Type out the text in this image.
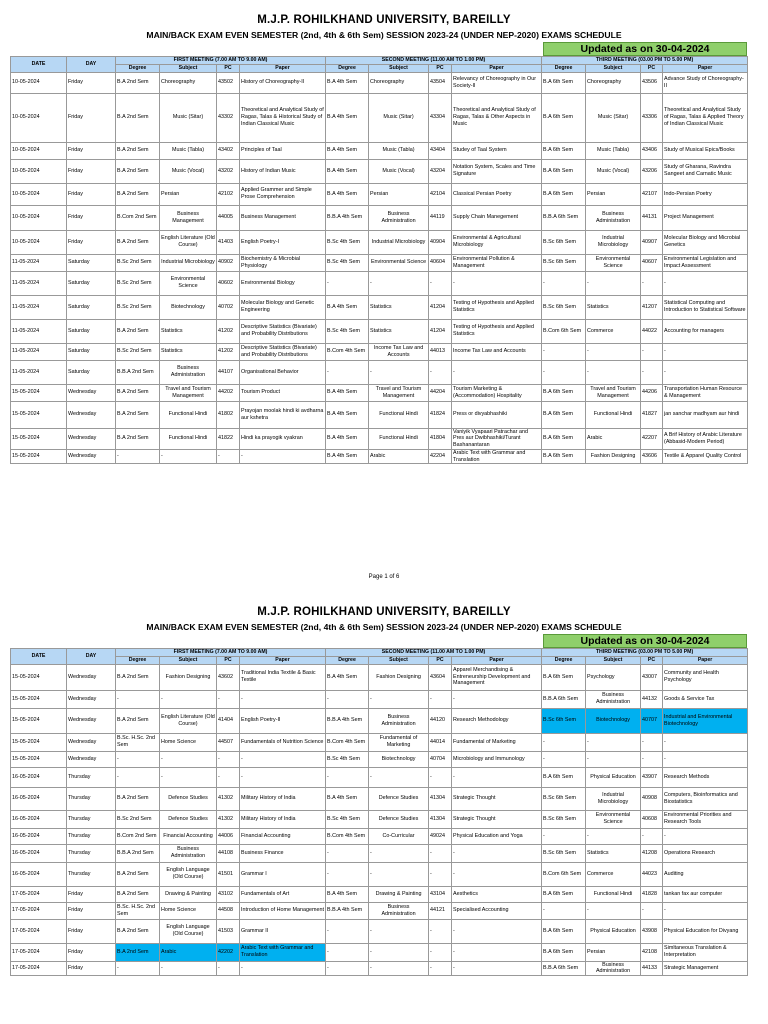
M.J.P. ROHILKHAND UNIVERSITY, BAREILLY
MAIN/BACK EXAM EVEN SEMESTER (2nd, 4th & 6th Sem) SESSION 2023-24 (UNDER NEP-2020) EXAMS SCHEDULE
Updated as on 30-04-2024
DATE	DAY	FIRST MEETING (7.00 AM TO 9.00 AM)				SECOND MEETING (11.00 AM TO 1.00 PM)				THIRD MEETING (03.00 PM TO 5.00 PM)			
		Degree	Subject	PC	Paper	Degree	Subject	PC	Paper	Degree	Subject	PC	Paper
10-05-2024	Friday	B.A 2nd Sem	Choreography	43502	History of Choreography-II	B.A 4th Sem	Choreography	43504	Relevancy of Choreography in Our Society-II	B.A 6th Sem	Choreography	43506	Advance Study of Choreography-II
10-05-2024	Friday	B.A 2nd Sem	Music (Sitar)	43302	Theoretical and Analytical Study of Ragas, Talas & Historical Study of Indian Classical Music	B.A 4th Sem	Music (Sitar)	43304	Theoretical and Analytical Study of Ragas, Talas & Other Aspects in Music	B.A 6th Sem	Music (Sitar)	43306	Theoretical and Analytical Study of Ragas, Talas & Applied Theory of Indian Classical Music
10-05-2024	Friday	B.A 2nd Sem	Music (Tabla)	43402	Principles of Taal	B.A 4th Sem	Music (Tabla)	43404	Studey of Taal System	B.A 6th Sem	Music (Tabla)	43406	Study of Musical Epics/Books
10-05-2024	Friday	B.A 2nd Sem	Music (Vocal)	43202	History of Indian Music	B.A 4th Sem	Music (Vocal)	43204	Notation System, Scales and Time Signature	B.A 6th Sem	Music (Vocal)	43206	Study of Gharana, Ravindra Sangeet and Carnatic Music
10-05-2024	Friday	B.A 2nd Sem	Persian	42102	Applied Grammer and Simple Prose Comprehension	B.A 4th Sem	Persian	42104	Classical Persian Poetry	B.A 6th Sem	Persian	42107	Indo-Persian Poetry
10-05-2024	Friday	B.Com 2nd Sem	Business Management	44005	Business Management	B.B.A 4th Sem	Business Administration	44119	Supply Chain Manegement	B.B.A 6th Sem	Business Administration	44131	Project Management
10-05-2024	Friday	B.A 2nd Sem	English Literature (Old Course)	41403	English Poetry-I	B.Sc 4th Sem	Industrial Microbiology	40904	Environmental & Agricultural Microbiology	B.Sc 6th Sem	Industrial Microbiology	40907	Molecular Biology and Microbial Genetics
11-05-2024	Saturday	B.Sc 2nd Sem	Industrial Microbiology	40902	Biochemistry & Microbial Physiology	B.Sc 4th Sem	Environmental Science	40604	Environmental Pollution & Management	B.Sc 6th Sem	Environmental Science	40607	Environmental Legislation and Impact Assessment
11-05-2024	Saturday	B.Sc 2nd Sem	Environmental Science	40602	Environmental Biology	-	-	-	-	-	-	-	-
11-05-2024	Saturday	B.Sc 2nd Sem	Biotechnology	40702	Molecular Biology and Genetic Engineering	B.A 4th Sem	Statistics	41204	Testing of Hypothesis and Applied Statistics	B.Sc 6th Sem	Statistics	41207	Statistical Computing and Introduction to Statistical Software
11-05-2024	Saturday	B.A 2nd Sem	Statistics	41202	Descriptive Statistics (Bivariate) and Probability Distributions	B.Sc 4th Sem	Statistics	41204	Testing of Hypothesis and Applied Statistics	B.Com 6th Sem	Commerce	44022	Accounting for managers
11-05-2024	Saturday	B.Sc 2nd Sem	Statistics	41202	Descriptive Statistics (Bivariate) and Probability Distributions	B.Com 4th Sem	Income Tax Law and Accounts	44013	Income Tax Law and Accounts	-	-	-	-
11-05-2024	Saturday	B.B.A 2nd Sem	Business Administration	44107	Organisational Behavior	-	-	-	-	-	-	-	-
15-05-2024	Wednesday	B.A 2nd Sem	Travel and Tourism Management	44202	Tourism Product	B.A 4th Sem	Travel and Tourism Management	44204	Tourism Marketing & (Accommodation) Hospitality	B.A 6th Sem	Travel and Tourism Management	44206	Transportation Human Resource & Management
15-05-2024	Wednesday	B.A 2nd Sem	Functional Hindi	41802	Prayojan moolak hindi ki avdharna aur kshetra	B.A 4th Sem	Functional Hindi	41824	Press or divyabhashiki	B.A 6th Sem	Functional Hindi	41827	jan sanchar madhyam aur hindi
15-05-2024	Wednesday	B.A 2nd Sem	Functional Hindi	41822	Hindi ka prayogik vyakran	B.A 4th Sem	Functional Hindi	41804	Vaniyik Vyapaari Patrachar and Pres aur Dwibhashiki/Turant Bashanantaran	B.A 6th Sem	Arabic	42207	A Brif History of Arabic Literature (Abbasid-Modern Period)
15-05-2024	Wednesday	-	-	-	-	B.A 4th Sem	Arabic	42204	Arabic Text with Grammar and Translation	B.A 6th Sem	Fashion Designing	43606	Textile & Apparel Quality Control
Page 1 of 6
M.J.P. ROHILKHAND UNIVERSITY, BAREILLY
MAIN/BACK EXAM EVEN SEMESTER (2nd, 4th & 6th Sem) SESSION 2023-24 (UNDER NEP-2020) EXAMS SCHEDULE
Updated as on 30-04-2024
DATE	DAY	FIRST MEETING (7.00 AM TO 9.00 AM)				SECOND MEETING (11.00 AM TO 1.00 PM)				THIRD MEETING (03.00 PM TO 5.00 PM)			
		Degree	Subject	PC	Paper	Degree	Subject	PC	Paper	Degree	Subject	PC	Paper
15-05-2024	Wednesday	B.A 2nd Sem	Fashion Designing	43602	Traditional India Textile & Basic Textile	B.A 4th Sem	Fashion Designing	43604	Apparel Merchandising & Entreneurship Development and Management	B.A 6th Sem	Psychology	43007	Community and Health Psychology
15-05-2024	Wednesday	-	-	-	-	-	-	-	-	B.B.A 6th Sem	Business Administration	44132	Goods & Service Tax
15-05-2024	Wednesday	B.A 2nd Sem	English Literature (Old Course)	41404	English Poetry-II	B.B.A 4th Sem	Business Administration	44120	Research Methodology	B.Sc 6th Sem	Biotechnology	40707	Industrial and Environmental Biotechnology
15-05-2024	Wednesday	B.Sc. H.Sc. 2nd Sem	Home Science	44507	Fundamentals of Nutrition Science	B.Com 4th Sem	Fundamental of Marketing	44014	Fundamental of Marketing	-	-	-	-
15-05-2024	Wednesday	-	-	-	-	B.Sc 4th Sem	Biotechnology	40704	Microbiology and Immunology	-	-	-	-
16-05-2024	Thursday	-	-	-	-	-	-	-	-	B.A 6th Sem	Physical Education	43907	Research Methods
16-05-2024	Thursday	B.A 2nd Sem	Defence Studies	41302	Military History of India	B.A 4th Sem	Defence Studies	41304	Strategic Thought	B.Sc 6th Sem	Industrial Microbiology	40908	Computers, Bioinformatics and Biostatistics
16-05-2024	Thursday	B.Sc 2nd Sem	Defence Studies	41302	Military History of India	B.Sc 4th Sem	Defence Studies	41304	Strategic Thought	B.Sc 6th Sem	Environmental Science	40608	Environmental Priorities and Research Tools
16-05-2024	Thursday	B.Com 2nd Sem	Financial Accounting	44006	Financial Accounting	B.Com 4th Sem	Co-Curricular	49024	Physical Education and Yoga	-	-	-	-
16-05-2024	Thursday	B.B.A 2nd Sem	Business Administration	44108	Business Finance	-	-	-	-	B.Sc 6th Sem	Statistics	41208	Operations Research
16-05-2024	Thursday	B.A 2nd Sem	English Language (Old Course)	41501	Grammar I	-	-	-	-	B.Com 6th Sem	Commerce	44023	Auditing
17-05-2024	Friday	B.A 2nd Sem	Drawing & Painting	43102	Fundamentals of Art	B.A 4th Sem	Drawing & Painting	43104	Aesthetics	B.A 6th Sem	Functional Hindi	41828	tankan fax aur computer
17-05-2024	Friday	B.Sc. H.Sc. 2nd Sem	Home Science	44508	Introduction of Home Management	B.B.A 4th Sem	Business Administration	44121	Specialised Accounting	-	-	-	-
17-05-2024	Friday	B.A 2nd Sem	English Language (Old Course)	41503	Grammar II	-	-	-	-	B.A 6th Sem	Physical Education	43908	Physical Education for Divyang
17-05-2024	Friday	B.A 2nd Sem	Arabic	42202	Arabic Text with Grammar and Translation	-	-	-	-	B.A 6th Sem	Persian	42108	Simltaneous Translation & Interpretation
17-05-2024	Friday	-	-	-	-	-	-	-	-	B.B.A 6th Sem	Business Administration	44133	Strategic Management
